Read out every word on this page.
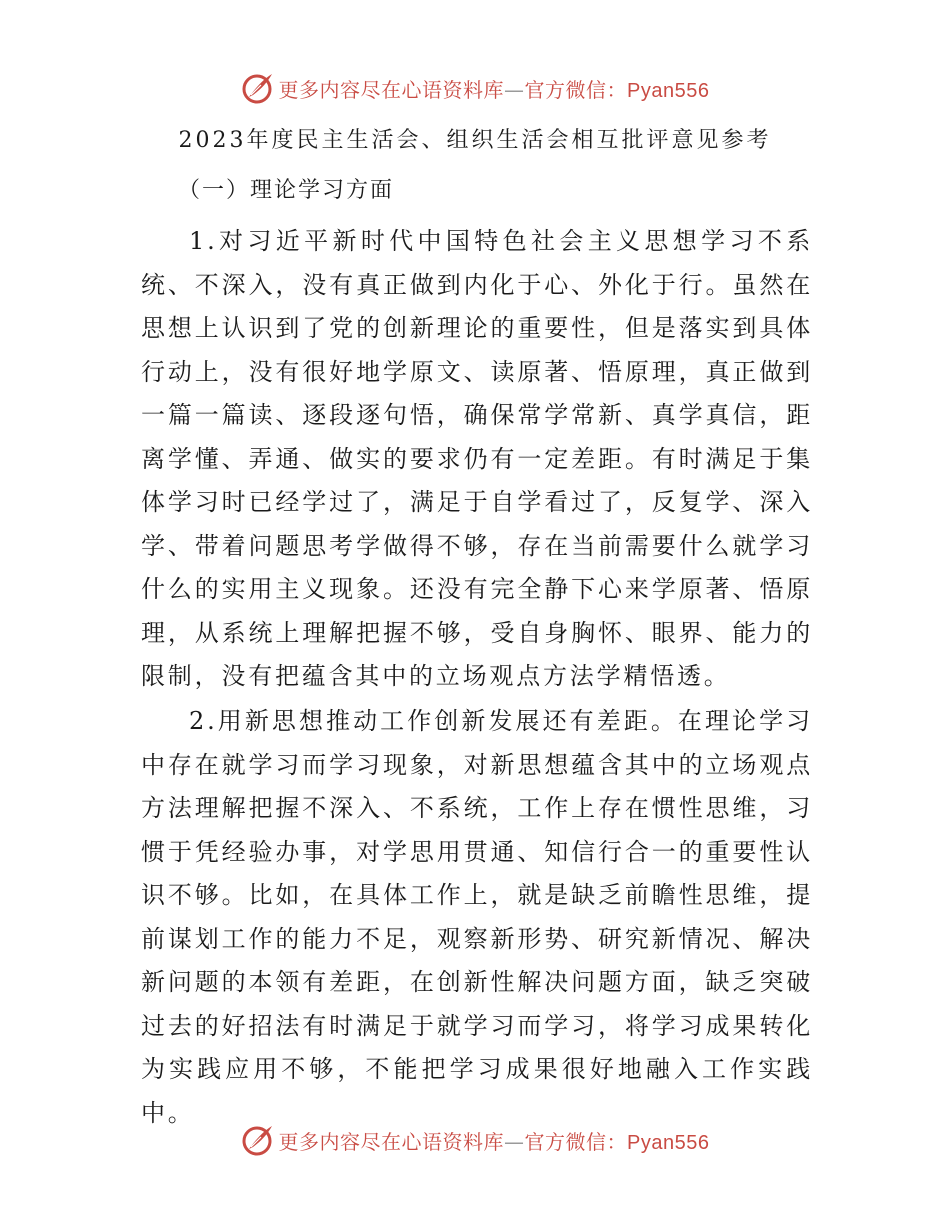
更多内容尽在心语资料库—官方微信：Pyan556
2023年度民主生活会、组织生活会相互批评意见参考
（一）理论学习方面

1.对习近平新时代中国特色社会主义思想学习不系统、不深入，没有真正做到内化于心、外化于行。虽然在思想上认识到了党的创新理论的重要性，但是落实到具体行动上，没有很好地学原文、读原著、悟原理，真正做到一篇一篇读、逐段逐句悟，确保常学常新、真学真信，距离学懂、弄通、做实的要求仍有一定差距。有时满足于集体学习时已经学过了，满足于自学看过了，反复学、深入学、带着问题思考学做得不够，存在当前需要什么就学习什么的实用主义现象。还没有完全静下心来学原著、悟原理，从系统上理解把握不够，受自身胸怀、眼界、能力的限制，没有把蕴含其中的立场观点方法学精悟透。

2.用新思想推动工作创新发展还有差距。在理论学习中存在就学习而学习现象，对新思想蕴含其中的立场观点方法理解把握不深入、不系统，工作上存在惯性思维，习惯于凭经验办事，对学思用贯通、知信行合一的重要性认识不够。比如，在具体工作上，就是缺乏前瞻性思维，提前谋划工作的能力不足，观察新形势、研究新情况、解决新问题的本领有差距，在创新性解决问题方面，缺乏突破过去的好招法有时满足于就学习而学习，将学习成果转化为实践应用不够，不能把学习成果很好地融入工作实践中。

更多内容尽在心语资料库—官方微信：Pyan556
